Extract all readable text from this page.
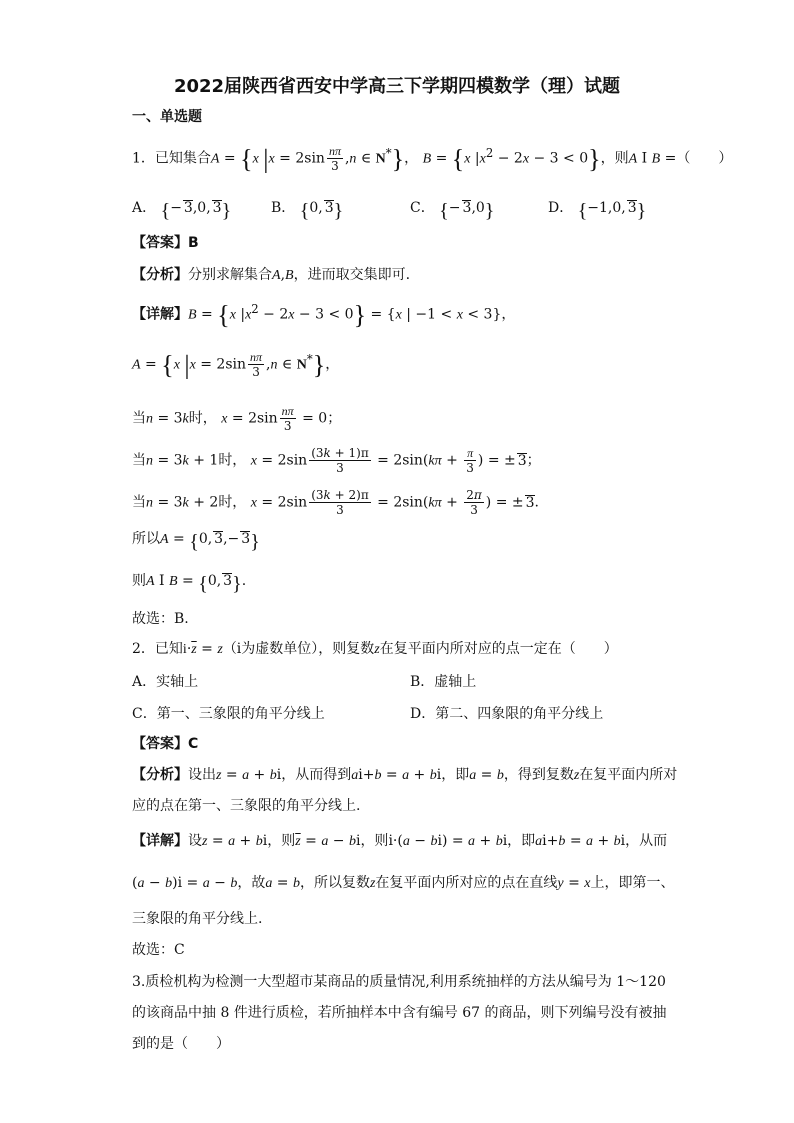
2022届陕西省西安中学高三下学期四模数学（理）试题
一、单选题
1．已知集合A = {x $|x = 2\sin \frac{n\pi}{3} ,n$ ∈ N*}， B = {x $|x^2 - 2x - 3 < 0$}，则A I B =（　　）
A． {− 3,0, 3}	B． {0, 3}	C． {− 3,0}	D． {−1,0, 3}
【答案】B
【分析】分别求解集合A,B，进而取交集即可.
【详解】B = {x $|x^2 - 2x - 3 < 0\} = \{x$ | −1 < x < 3}，
A = {x $|x = 2\sin \frac{n\pi}{3} ,n$ ∈ N*}，
当n = 3k时， $x = 2\sin \frac{n\pi}{3} = 0$；
当n = 3k + 1时， $x = 2\sin \frac{(3k + 1)\pi}{3} = 2\sin(k\pi + \frac{\pi}{3}$ ) = ± 3；
当n = 3k + 2时， $x = 2\sin \frac{(3k + 2)\pi}{3} = 2\sin(k\pi + \frac{2\pi}{3}$ ) = ± 3.
所以A = {0, 3,− 3}
则A I B = {0, 3}.
故选：B.
2．已知$i\cdot\overline{z} = z(i$为虚数单位），则复数z在复平面内所对应的点一定在（　　）
A．实轴上	B．虚轴上
C．第一、三象限的角平分线上	D．第二、四象限的角平分线上
【答案】C
【分析】设出z = a + bi，从而得到ai+b = a + bi，即a = b，得到复数z在复平面内所对
应的点在第一、三象限的角平分线上.
【详解】设z = a + bi，则$\overline{z} = a$ − bi，则i·(a − bi) = a + bi，即ai+b = a + bi，从而
(a − b)i = a − b，故a = b，所以复数z在复平面内所对应的点在直线y = x上，即第一、
三象限的角平分线上.
故选：C
3.质检机构为检测一大型超市某商品的质量情况,利用系统抽样的方法从编号为 1～120
的该商品中抽 8 件进行质检，若所抽样本中含有编号 67 的商品，则下列编号没有被抽
到的是（　　）
